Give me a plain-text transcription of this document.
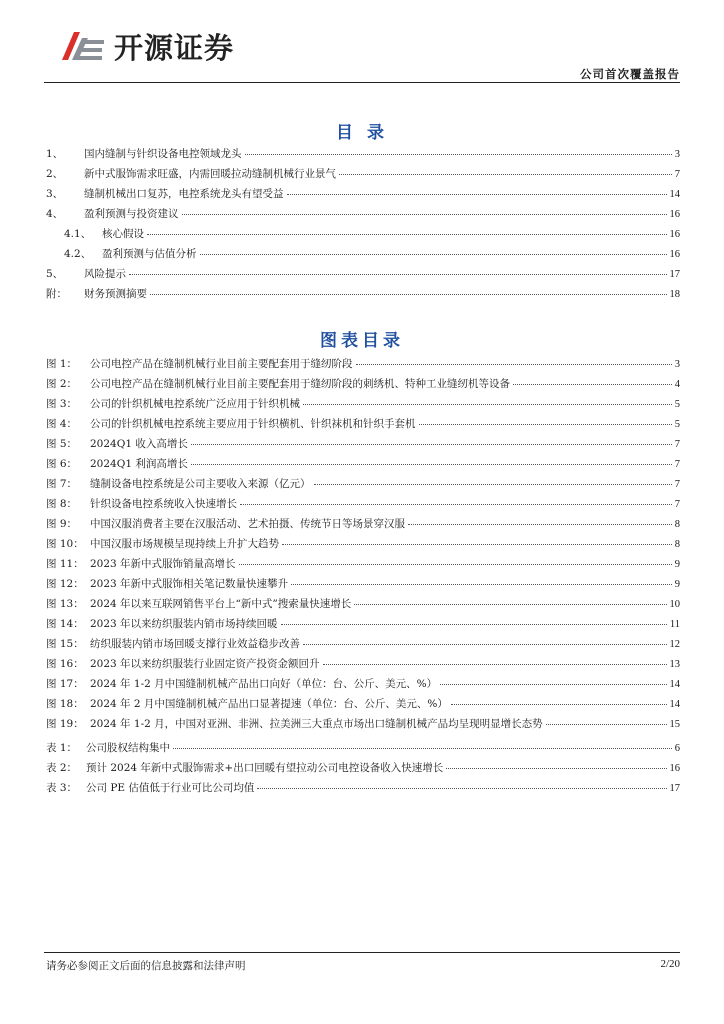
开源证券
公司首次覆盖报告
目 录
1、	国内缝制与针织设备电控领域龙头	3
2、	新中式服饰需求旺盛，内需回暖拉动缝制机械行业景气	7
3、	缝制机械出口复苏，电控系统龙头有望受益	14
4、	盈利预测与投资建议	16
4.1、	核心假设	16
4.2、	盈利预测与估值分析	16
5、	风险提示	17
附：	财务预测摘要	18
图表目录
图 1：	公司电控产品在缝制机械行业目前主要配套用于缝纫阶段	3
图 2：	公司电控产品在缝制机械行业目前主要配套用于缝纫阶段的刺绣机、特种工业缝纫机等设备	4
图 3：	公司的针织机械电控系统广泛应用于针织机械	5
图 4：	公司的针织机械电控系统主要应用于针织横机、针织袜机和针织手套机	5
图 5：	2024Q1 收入高增长	7
图 6：	2024Q1 利润高增长	7
图 7：	缝制设备电控系统是公司主要收入来源（亿元）	7
图 8：	针织设备电控系统收入快速增长	7
图 9：	中国汉服消费者主要在汉服活动、艺术拍摄、传统节日等场景穿汉服	8
图 10： 中国汉服市场规模呈现持续上升扩大趋势	8
图 11： 2023 年新中式服饰销量高增长	9
图 12： 2023 年新中式服饰相关笔记数量快速攀升	9
图 13： 2024 年以来互联网销售平台上“新中式”搜索量快速增长	10
图 14： 2023 年以来纺织服装内销市场持续回暖	11
图 15： 纺织服装内销市场回暖支撑行业效益稳步改善	12
图 16： 2023 年以来纺织服装行业固定资产投资金额回升	13
图 17： 2024 年 1-2 月中国缝制机械产品出口向好（单位：台、公斤、美元、%）	14
图 18： 2024 年 2 月中国缝制机械产品出口显著提速（单位：台、公斤、美元、%）	14
图 19： 2024 年 1-2 月，中国对亚洲、非洲、拉美洲三大重点市场出口缝制机械产品均呈现明显增长态势	15
表 1： 公司股权结构集中	6
表 2： 预计 2024 年新中式服饰需求+出口回暖有望拉动公司电控设备收入快速增长	16
表 3： 公司 PE 估值低于行业可比公司均值	17
请务必参阅正文后面的信息披露和法律声明	2/20
